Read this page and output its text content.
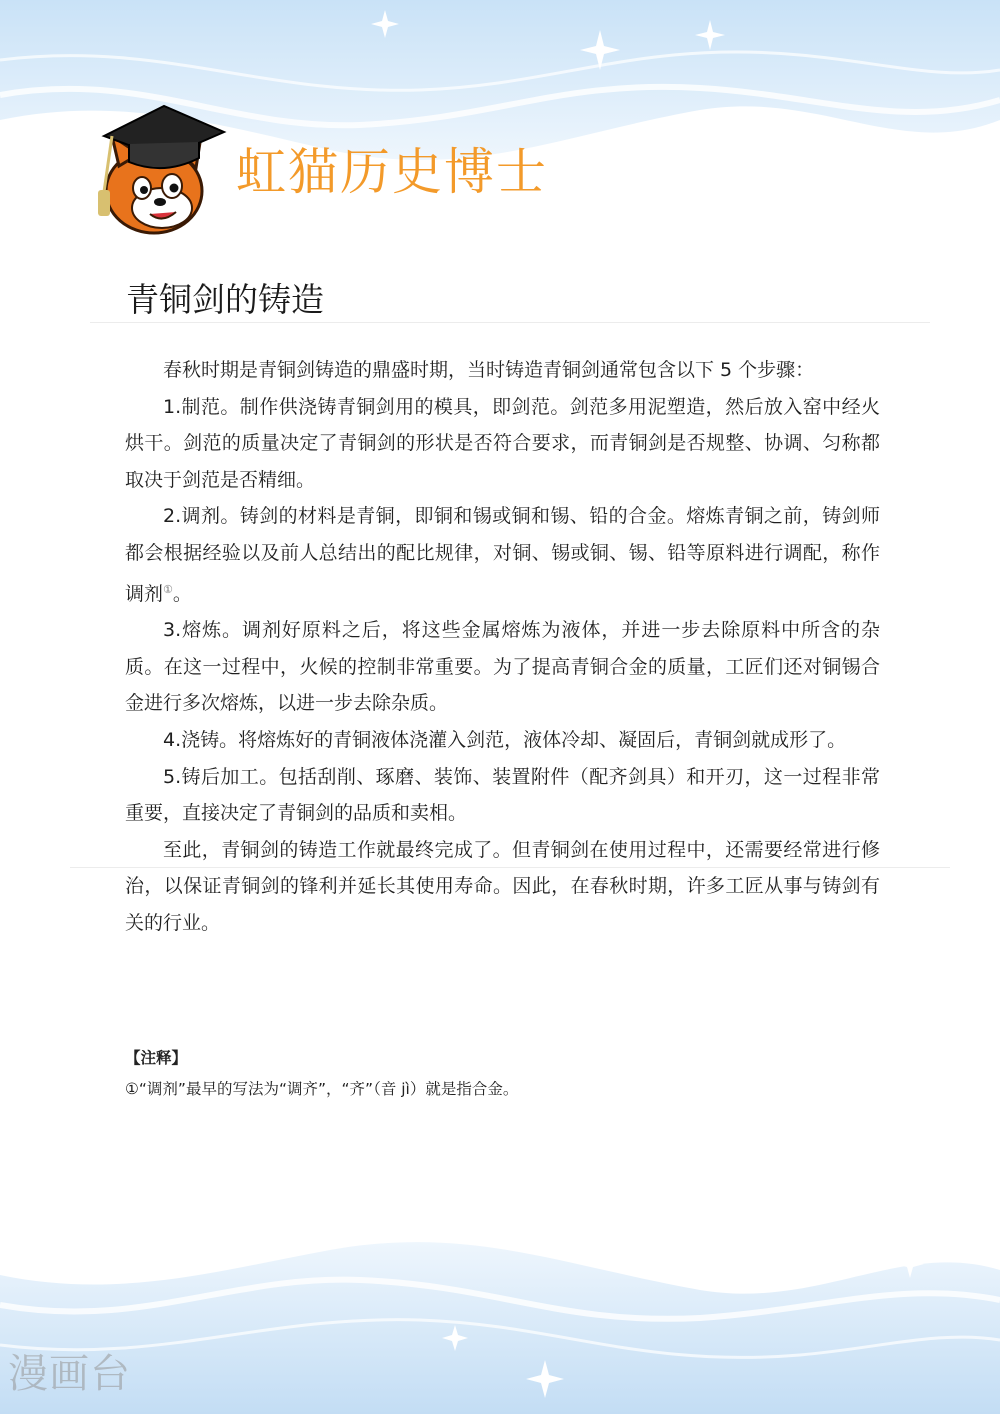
虹猫历史博士
青铜剑的铸造

春秋时期是青铜剑铸造的鼎盛时期，当时铸造青铜剑通常包含以下 5 个步骤：

1.制范。制作供浇铸青铜剑用的模具，即剑范。剑范多用泥塑造，然后放入窑中经火烘干。剑范的质量决定了青铜剑的形状是否符合要求，而青铜剑是否规整、协调、匀称都取决于剑范是否精细。

2.调剂。铸剑的材料是青铜，即铜和锡或铜和锡、铅的合金。熔炼青铜之前，铸剑师都会根据经验以及前人总结出的配比规律，对铜、锡或铜、锡、铅等原料进行调配，称作调剂①。

3.熔炼。调剂好原料之后，将这些金属熔炼为液体，并进一步去除原料中所含的杂质。在这一过程中，火候的控制非常重要。为了提高青铜合金的质量，工匠们还对铜锡合金进行多次熔炼，以进一步去除杂质。

4.浇铸。将熔炼好的青铜液体浇灌入剑范，液体冷却、凝固后，青铜剑就成形了。

5.铸后加工。包括刮削、琢磨、装饰、装置附件（配齐剑具）和开刃，这一过程非常重要，直接决定了青铜剑的品质和卖相。

至此，青铜剑的铸造工作就最终完成了。但青铜剑在使用过程中，还需要经常进行修治，以保证青铜剑的锋利并延长其使用寿命。因此，在春秋时期，许多工匠从事与铸剑有关的行业。

【注释】
①“调剂”最早的写法为“调齐”，“齐”（音 jì）就是指合金。
漫画台
